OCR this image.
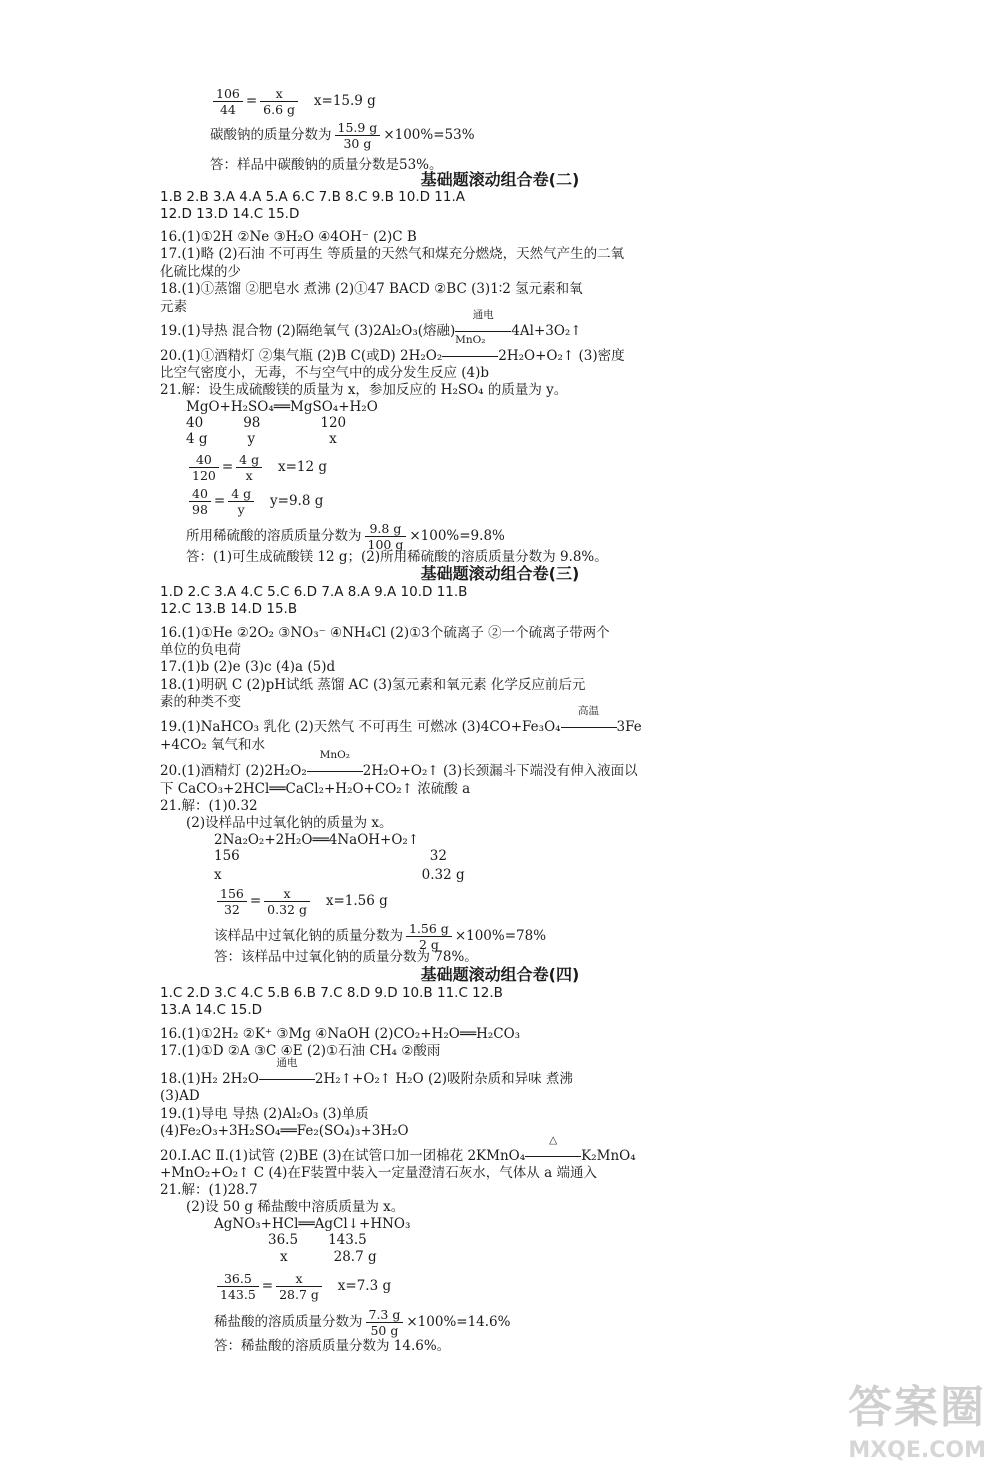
$\frac{106}{44} = \frac{x}{6.6 g} x=15.9$ g
碳酸钠的质量分数为 $\frac{15.9 g}{30 g} \times 100\%=53\%$
答：样品中碳酸钠的质量分数是53%。
基础题滚动组合卷(二)
1.B 2.B 3.A 4.A 5.A 6.C 7.B 8.C 9.B 10.D 11.A
12.D 13.D 14.C 15.D
16.(1)①2H ②Ne ③H₂O ④4OH⁻ (2)C B
17.(1)略 (2)石油 不可再生 等质量的天然气和煤充分燃烧，天然气产生的二氧
化硫比煤的少
18.(1)①蒸馏 ②肥皂水 煮沸 (2)①47 BACD ②BC (3)1∶2 氢元素和氧
元素
19.(1)导热 混合物 (2)隔绝氧气 (3)2Al₂O₃(熔融)
通电
4Al+3O₂↑
20.(1)①酒精灯 ②集气瓶 (2)B C(或D) 2H₂O₂
MnO₂
2H₂O+O₂↑ (3)密度
比空气密度小，无毒，不与空气中的成分发生反应 (4)b
21.解：设生成硫酸镁的质量为 x，参加反应的 H₂SO₄ 的质量为 y。
MgO+H₂SO₄══MgSO₄+H₂O
40	98	120
4 g	y	x
$\frac{40}{120} = \frac{4 g}{x} x=12$ g
$\frac{40}{98} = \frac{4 g}{y} y=9.8$ g
所用稀硫酸的溶质质量分数为 $\frac{9.8 g}{100 g} \times 100\%=9.8\%$
答：(1)可生成硫酸镁 12 g；(2)所用稀硫酸的溶质质量分数为 9.8%。
基础题滚动组合卷(三)
1.D 2.C 3.A 4.C 5.C 6.D 7.A 8.A 9.A 10.D 11.B
12.C 13.B 14.D 15.B
16.(1)①He ②2O₂ ③NO₃⁻ ④NH₄Cl (2)①3个硫离子 ②一个硫离子带两个
单位的负电荷
17.(1)b (2)e (3)c (4)a (5)d
18.(1)明矾 C (2)pH试纸 蒸馏 AC (3)氢元素和氧元素 化学反应前后元
素的种类不变
19.(1)NaHCO₃ 乳化 (2)天然气 不可再生 可燃冰 (3)4CO+Fe₃O₄
高温
3Fe
+4CO₂ 氧气和水
20.(1)酒精灯 (2)2H₂O₂
MnO₂
2H₂O+O₂↑ (3)长颈漏斗下端没有伸入液面以
下 CaCO₃+2HCl══CaCl₂+H₂O+CO₂↑ 浓硫酸 a
21.解：(1)0.32
(2)设样品中过氧化钠的质量为 x。
2Na₂O₂+2H₂O══4NaOH+O₂↑
156	32
x	0.32 g
$\frac{156}{32} = \frac{x}{0.32 g} x=1.56$ g
该样品中过氧化钠的质量分数为 $\frac{1.56 g}{2 g} \times 100\%=78\%$
答：该样品中过氧化钠的质量分数为 78%。
基础题滚动组合卷(四)
1.C 2.D 3.C 4.C 5.B 6.B 7.C 8.D 9.D 10.B 11.C 12.B
13.A 14.C 15.D
16.(1)①2H₂ ②K⁺ ③Mg ④NaOH (2)CO₂+H₂O══H₂CO₃
17.(1)①D ②A ③C ④E (2)①石油 CH₄ ②酸雨
18.(1)H₂ 2H₂O
通电
2H₂↑+O₂↑ H₂O (2)吸附杂质和异味 煮沸
(3)AD
19.(1)导电 导热 (2)Al₂O₃ (3)单质
(4)Fe₂O₃+3H₂SO₄══Fe₂(SO₄)₃+3H₂O
20.Ⅰ.AC Ⅱ.(1)试管 (2)BE (3)在试管口加一团棉花 2KMnO₄
△
K₂MnO₄
+MnO₂+O₂↑ C (4)在F装置中装入一定量澄清石灰水，气体从 a 端通入
21.解：(1)28.7
(2)设 50 g 稀盐酸中溶质质量为 x。
AgNO₃+HCl══AgCl↓+HNO₃
36.5 143.5
x	28.7 g
$\frac{36.5}{143.5} = \frac{x}{28.7 g} x=7.3$ g
稀盐酸的溶质质量分数为 $\frac{7.3 g}{50 g} \times 100\%=14.6\%$
答：稀盐酸的溶质质量分数为 14.6%。
答案圈
MXQE.COM
